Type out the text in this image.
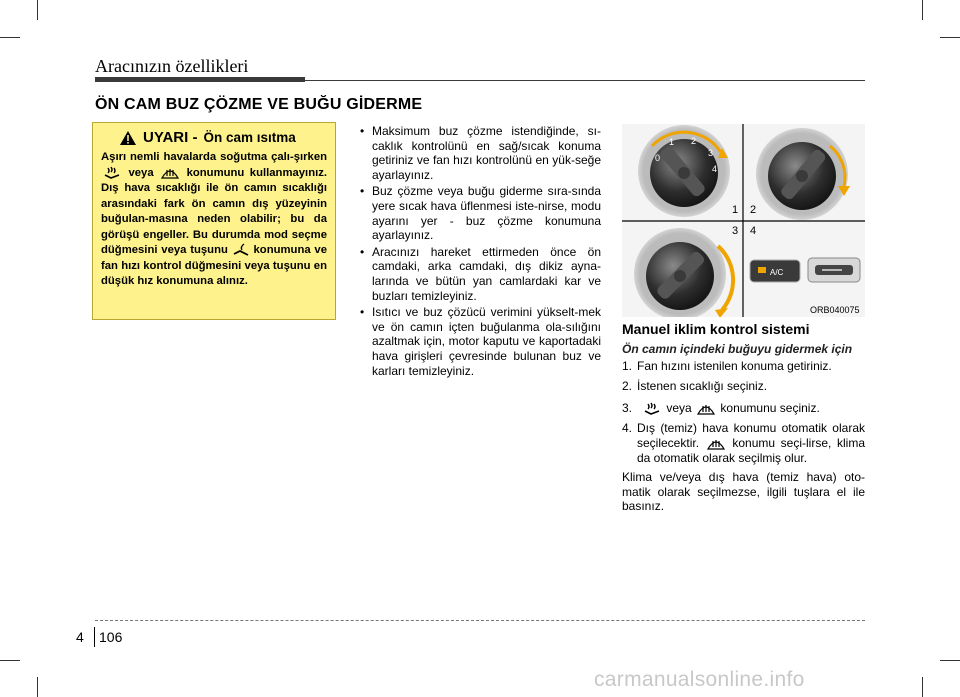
Aracınızın özellikleri
ÖN CAM BUZ ÇÖZME VE BUĞU GİDERME
UYARI - Ön cam ısıtma
Aşırı nemli havalarda soğutma çalı-şırken  veya	konumunu kullanmayınız. Dış hava sıcaklığı ile ön camın sıcaklığı arasındaki fark ön camın dış yüzeyinin buğulan-masına neden olabilir; bu da görüşü engeller. Bu durumda mod seçme düğmesini veya tuşunu konumuna ve fan hızı kontrol düğmesini veya tuşunu en düşük hız konumuna alınız.
• Maksimum buz çözme istendiğinde, sı-caklık kontrolünü en sağ/sıcak konuma getiriniz ve fan hızı kontrolünü en yük-seğe ayarlayınız.
• Buz çözme veya buğu giderme sıra-sında yere sıcak hava üflenmesi iste-nirse, modu ayarını yer - buz çözme konumuna ayarlayınız.
• Aracınızı hareket ettirmeden önce ön camdaki, arka camdaki, dış dikiz ayna-larında ve bütün yan camlardaki kar ve buzları temizleyiniz.
• Isıtıcı ve buz çözücü verimini yükselt-mek ve ön camın içten buğulanma ola-sılığını azaltmak için, motor kaputu ve kaportadaki hava girişleri çevresinde bulunan buz ve karları temizleyiniz.
0
1 2
3
4
A/C
1 2
3 4
ORB040075
Manuel iklim kontrol sistemi
Ön camın içindeki buğuyu gidermek için
1. Fan hızını istenilen konuma getiriniz.
2. İstenen sıcaklığı seçiniz.
3.	veya konumunu seçiniz.
4. Dış (temiz) hava konumu otomatik olarak seçilecektir.	konumu seçi-lirse, klima da otomatik olarak seçilmiş olur.
Klima ve/veya dış hava (temiz hava) oto-matik olarak seçilmezse, ilgili tuşlara el ile basınız.
4 106
carmanualsonline.info
